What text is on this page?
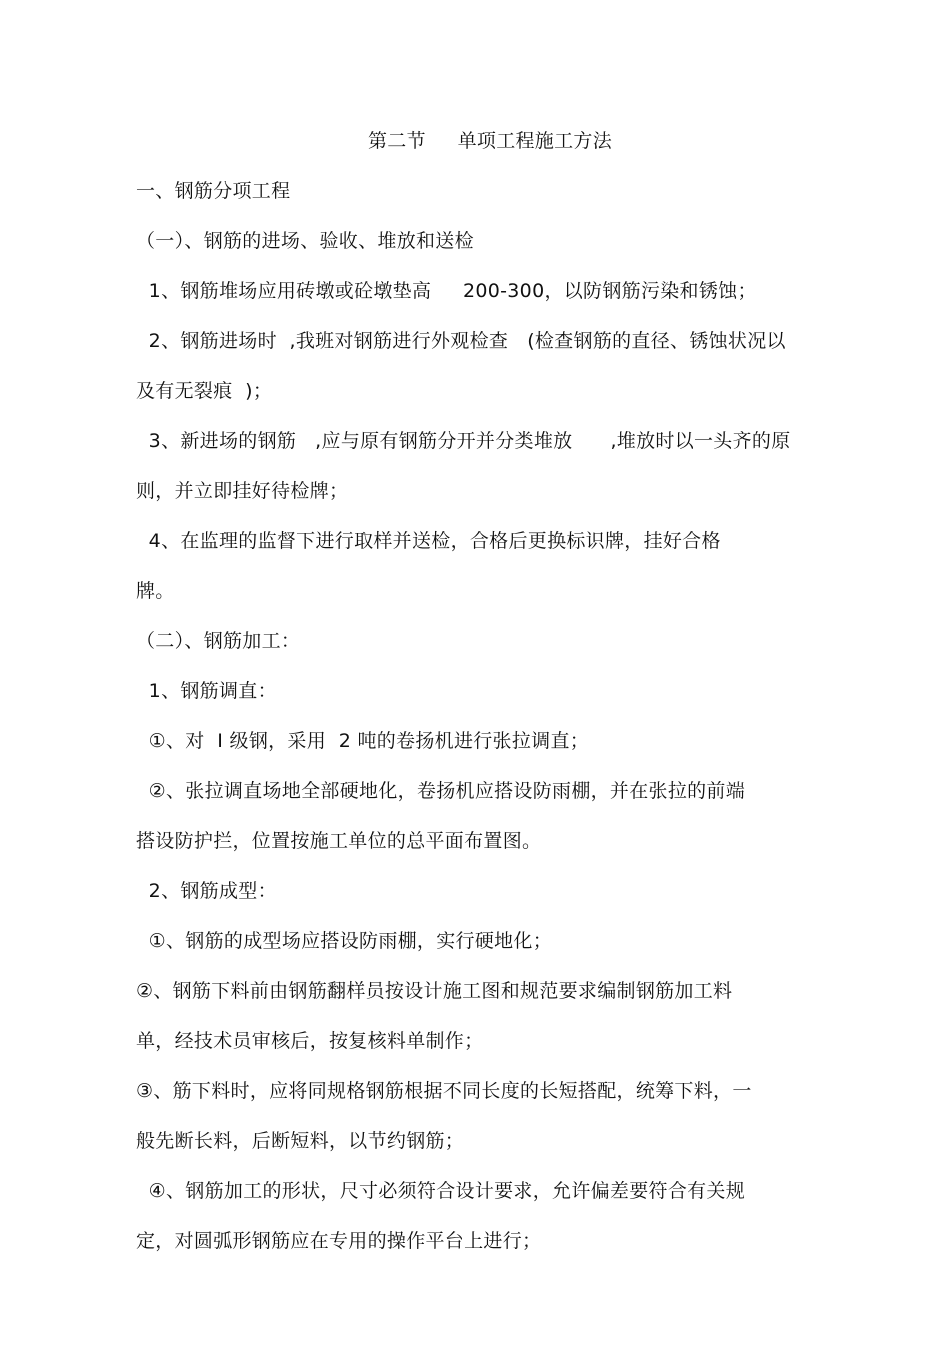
第二节     单项工程施工方法
一、钢筋分项工程
（一）、钢筋的进场、验收、堆放和送检
1、钢筋堆场应用砖墩或砼墩垫高     200-300，以防钢筋污染和锈蚀；
2、钢筋进场时  ,我班对钢筋进行外观检查   (检查钢筋的直径、锈蚀状况以
及有无裂痕  )；
3、新进场的钢筋   ,应与原有钢筋分开并分类堆放      ,堆放时以一头齐的原
则，并立即挂好待检牌；
4、在监理的监督下进行取样并送检，合格后更换标识牌，挂好合格
牌。
（二）、钢筋加工：
1、钢筋调直：
①、对  I 级钢，采用  2 吨的卷扬机进行张拉调直；
②、张拉调直场地全部硬地化，卷扬机应搭设防雨棚，并在张拉的前端
搭设防护拦，位置按施工单位的总平面布置图。
2、钢筋成型：
①、钢筋的成型场应搭设防雨棚，实行硬地化；
②、钢筋下料前由钢筋翻样员按设计施工图和规范要求编制钢筋加工料
单，经技术员审核后，按复核料单制作；
③、筋下料时，应将同规格钢筋根据不同长度的长短搭配，统筹下料，一
般先断长料，后断短料，以节约钢筋；
④、钢筋加工的形状，尺寸必须符合设计要求，允许偏差要符合有关规
定，对圆弧形钢筋应在专用的操作平台上进行；
